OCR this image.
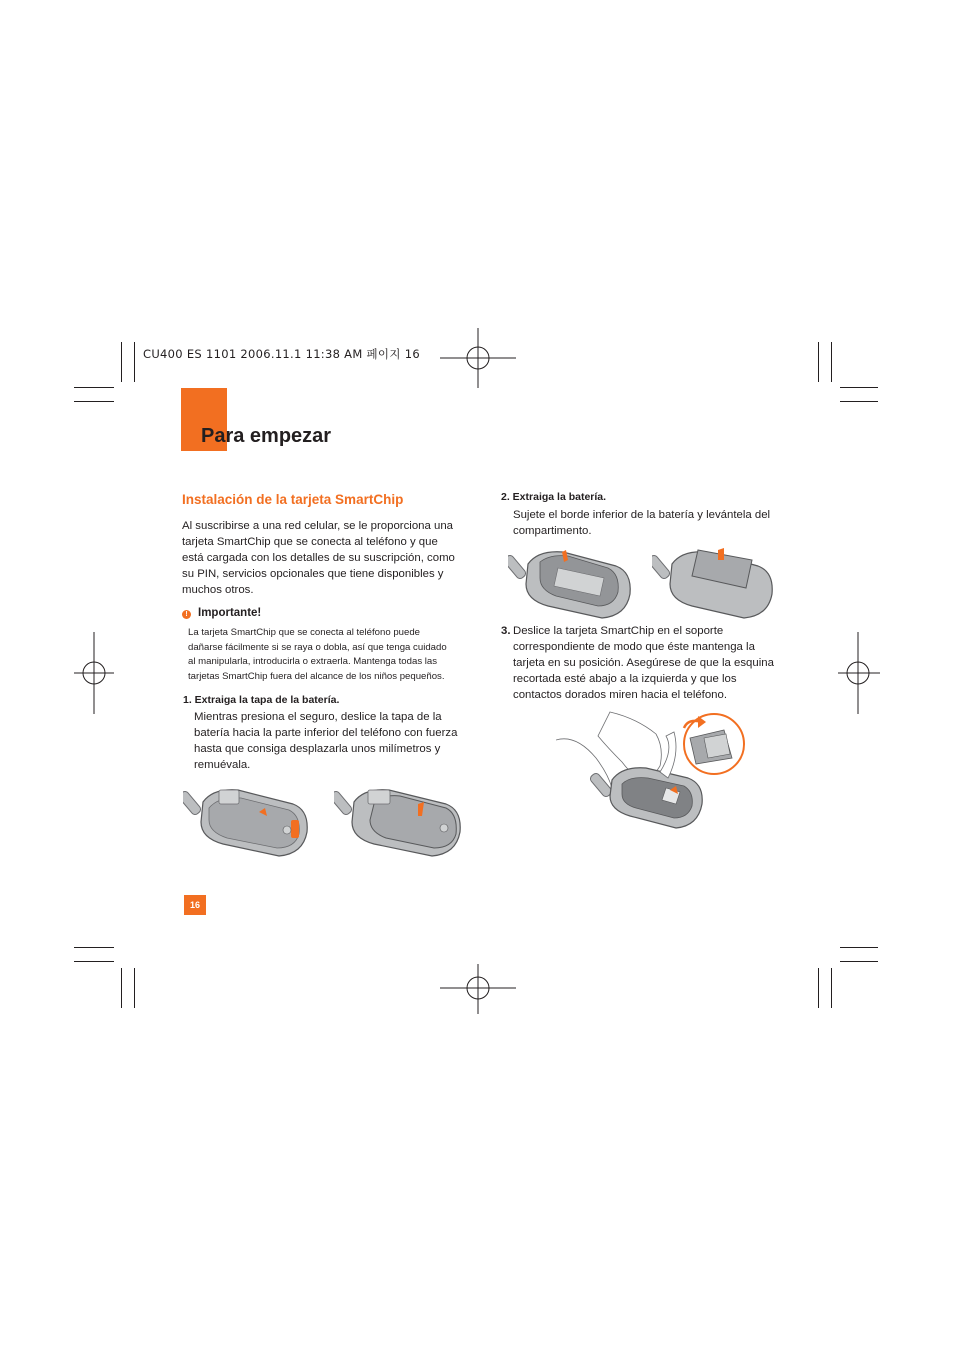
CU400 ES 1101 2006.11.1 11:38 AM 페이지 16
Para empezar
Instalación de la tarjeta SmartChip
Al suscribirse a una red celular, se le proporciona una
tarjeta SmartChip que se conecta al teléfono y que
está cargada con los detalles de su suscripción, como
su PIN, servicios opcionales que tiene disponibles y
muchos otros.
! Importante!
La tarjeta SmartChip que se conecta al teléfono puede
dañarse fácilmente si se raya o dobla, así que tenga cuidado
al manipularla, introducirla o extraerla. Mantenga todas las
tarjetas SmartChip fuera del alcance de los niños pequeños.
1. Extraiga la tapa de la batería.
Mientras presiona el seguro, deslice la tapa de la
batería hacia la parte inferior del teléfono con fuerza
hasta que consiga desplazarla unos milímetros y
remuévala.
16
2. Extraiga la batería.
Sujete el borde inferior de la batería y levántela del
compartimento.
3. Deslice la tarjeta SmartChip en el soporte
correspondiente de modo que éste mantenga la
tarjeta en su posición. Asegúrese de que la esquina
recortada esté abajo a la izquierda y que los
contactos dorados miren hacia el teléfono.
